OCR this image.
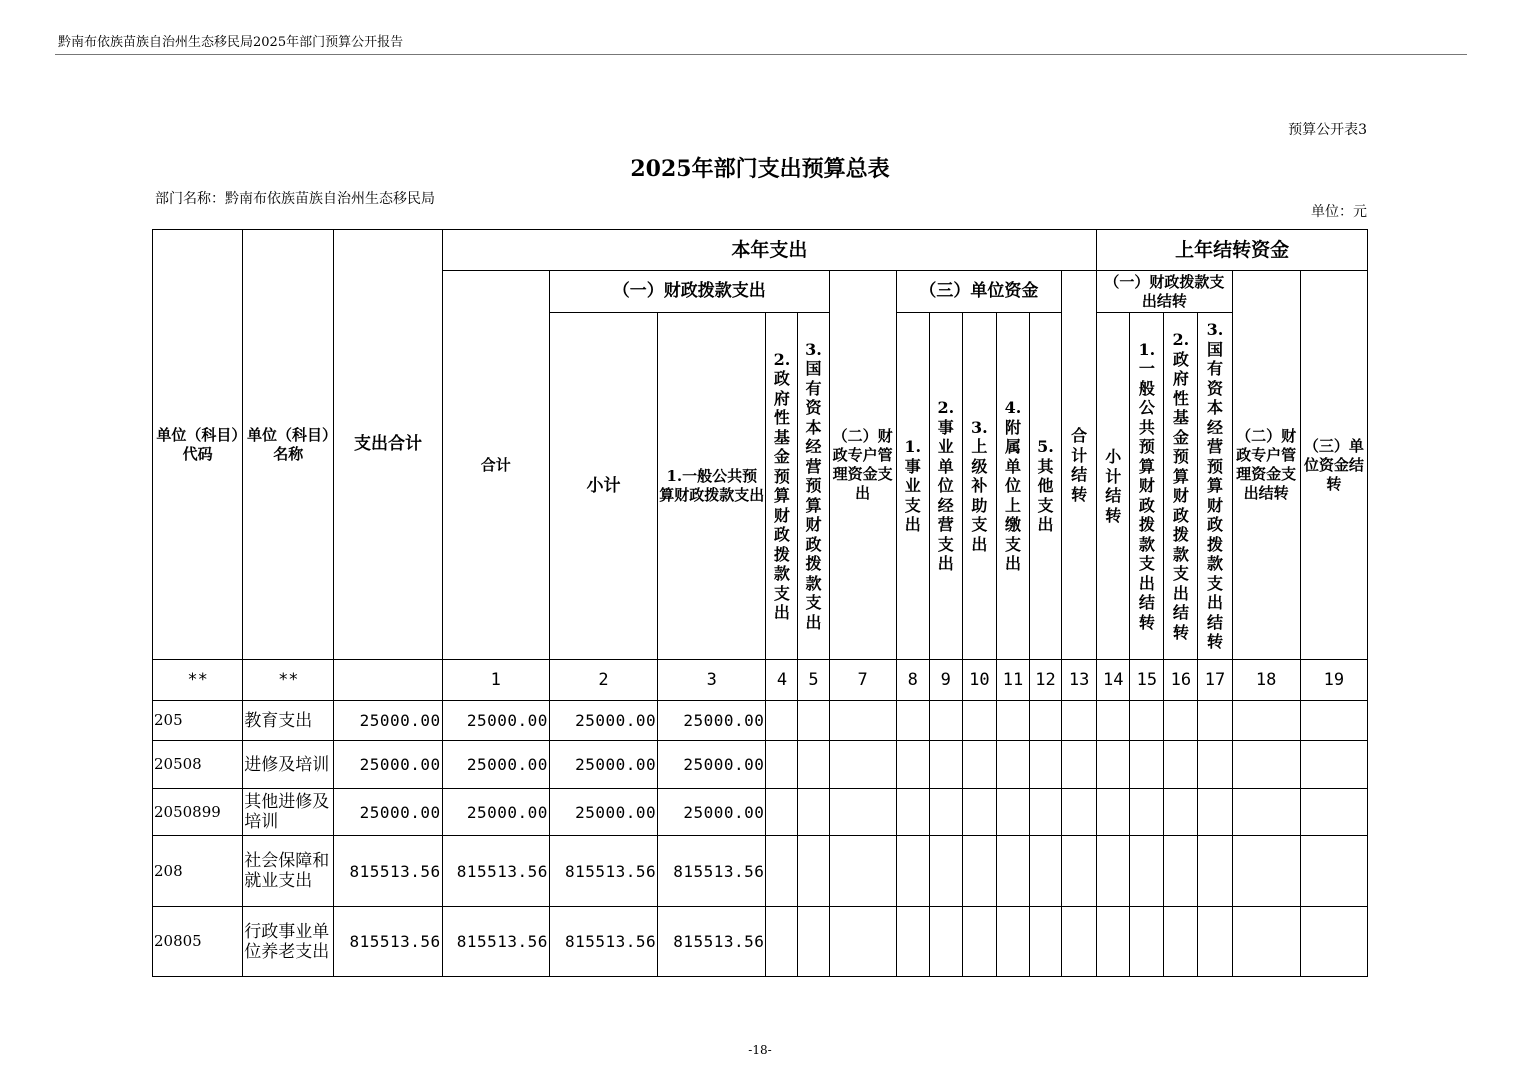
黔南布依族苗族自治州生态移民局2025年部门预算公开报告
预算公开表3
2025年部门支出预算总表
部门名称：黔南布依族苗族自治州生态移民局
单位：元
单位（科目）代码	单位（科目）名称	支出合计	本年支出												上年结转资金					
			合计	（一）财政拨款支出				（二）财政专户管理资金支出	（三）单位资金					合计结转	（一）财政拨款支出结转				（二）财政专户管理资金支出结转	（三）单位资金结转
				小计	1.一般公共预算财政拨款支出	2.政府性基金预算财政拨款支出	3.国有资本经营预算财政拨款支出		1.事业支出	2.事业单位经营支出	3.上级补助支出	4.附属单位上缴支出	5.其他支出		小计结转	1.一般公共预算财政拨款支出结转	2.政府性基金预算财政拨款支出结转	3.国有资本经营预算财政拨款支出结转		

**	**		1	2	3	4	5	7	8	9	10	11	12	13	14	15	16	17	18	19
205	教育支出	25000.00	25000.00	25000.00	25000.00															
20508	进修及培训	25000.00	25000.00	25000.00	25000.00															
2050899	其他进修及培训	25000.00	25000.00	25000.00	25000.00															
208	社会保障和就业支出	815513.56	815513.56	815513.56	815513.56															
20805	行政事业单位养老支出	815513.56	815513.56	815513.56	815513.56															
-18-
